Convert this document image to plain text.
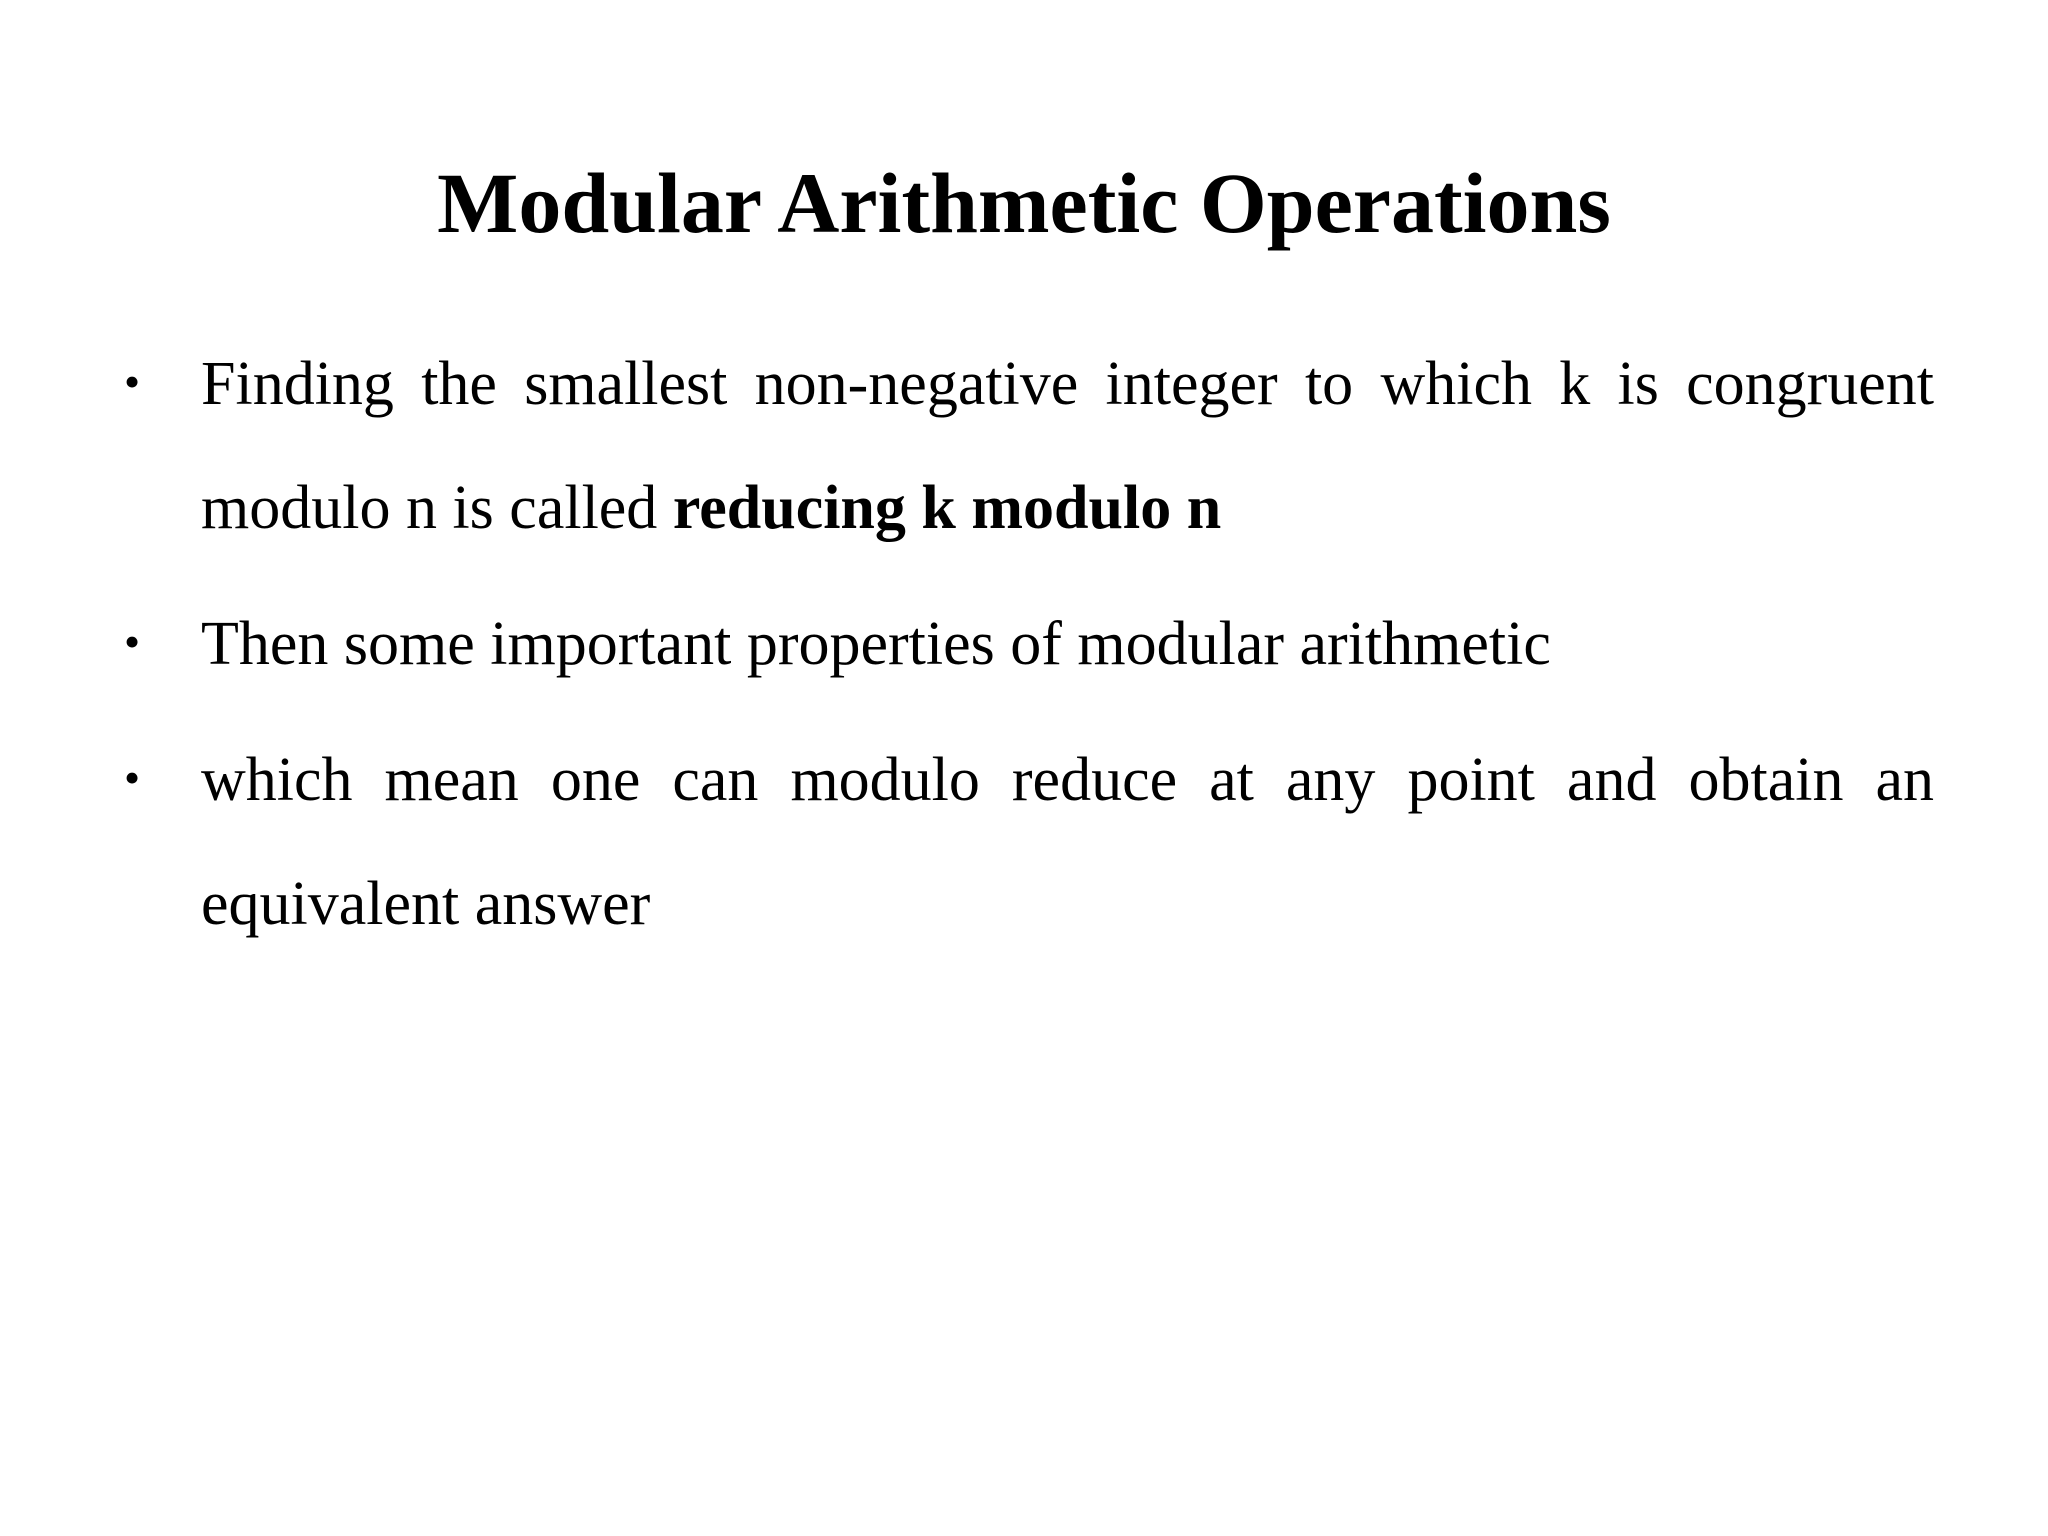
Modular Arithmetic Operations
• Finding the smallest non-negative integer to which k is congruent modulo n is called reducing k modulo n
• Then some important properties of modular arithmetic
• which mean one can modulo reduce at any point and obtain an equivalent answer
